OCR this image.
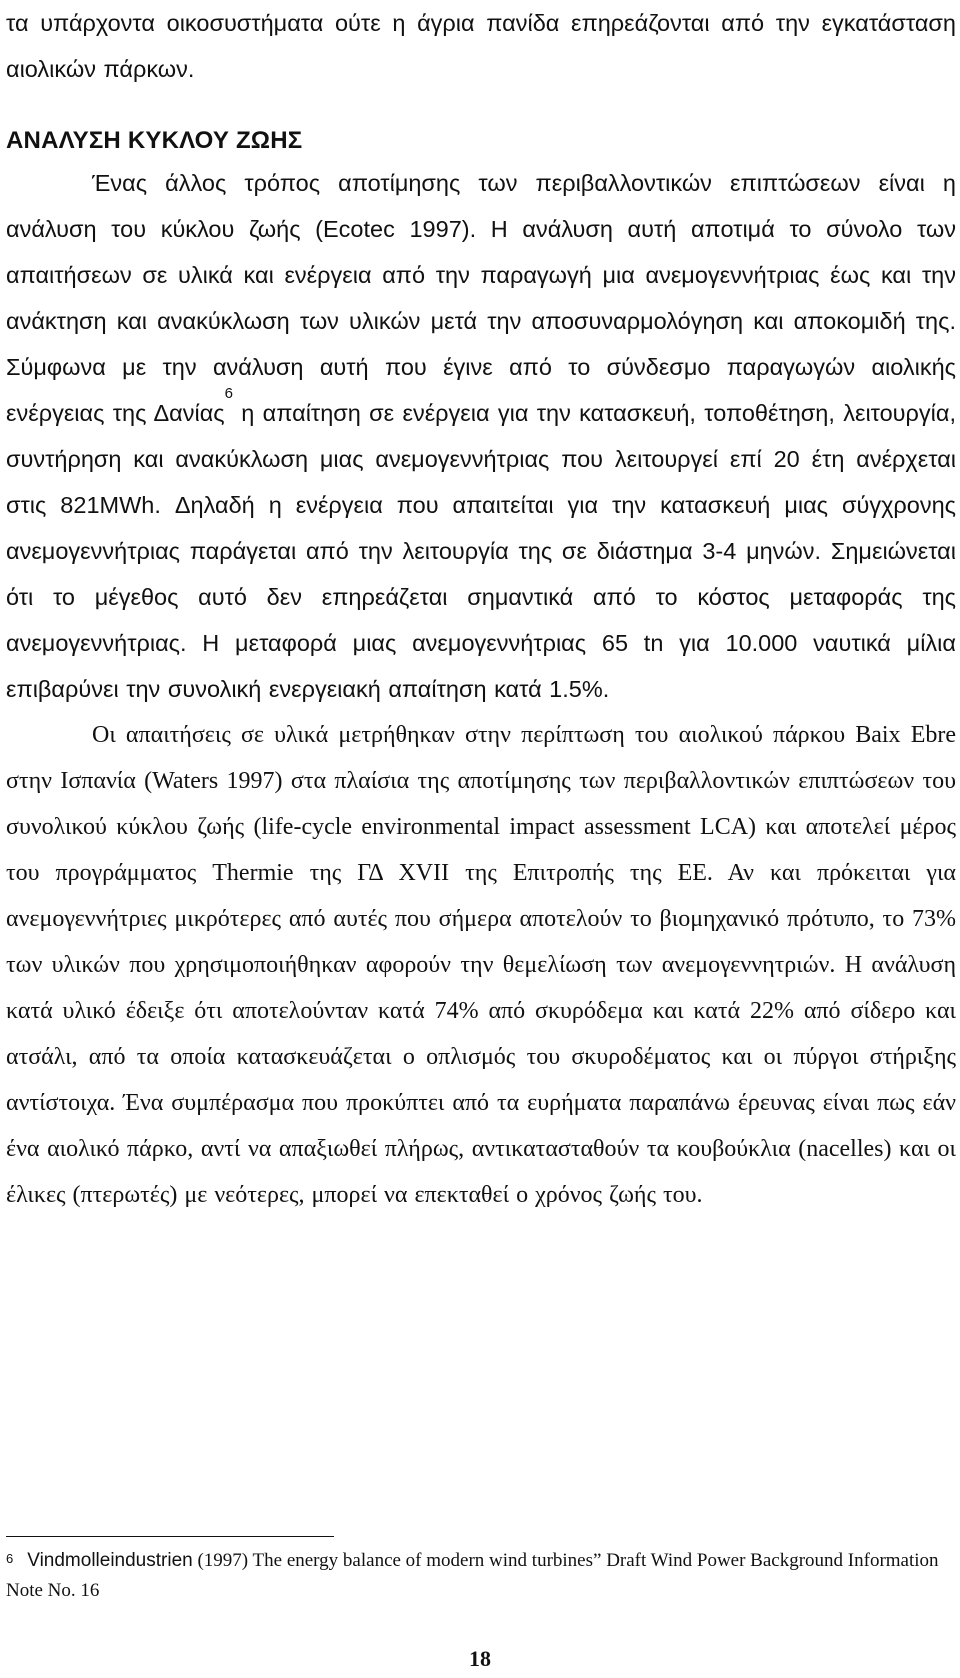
τα υπάρχοντα οικοσυστήματα ούτε η άγρια πανίδα επηρεάζονται από την εγκατάσταση αιολικών πάρκων.

ΑΝΑΛΥΣΗ ΚΥΚΛΟΥ ΖΩΗΣ

Ένας άλλος τρόπος αποτίμησης των περιβαλλοντικών επιπτώσεων είναι η ανάλυση του κύκλου ζωής (Ecotec 1997). Η ανάλυση αυτή αποτιμά το σύνολο των απαιτήσεων σε υλικά και ενέργεια από την παραγωγή μια ανεμογεννήτριας έως και την ανάκτηση και ανακύκλωση των υλικών μετά την αποσυναρμολόγηση και αποκομιδή της. Σύμφωνα με την ανάλυση αυτή που έγινε από το σύνδεσμο παραγωγών αιολικής ενέργειας της Δανίας$^6$ η απαίτηση σε ενέργεια για την κατασκευή, τοποθέτηση, λειτουργία, συντήρηση και ανακύκλωση μιας ανεμογεννήτριας που λειτουργεί επί 20 έτη ανέρχεται στις 821MWh. Δηλαδή η ενέργεια που απαιτείται για την κατασκευή μιας σύγχρονης ανεμογεννήτριας παράγεται από την λειτουργία της σε διάστημα 3-4 μηνών. Σημειώνεται ότι το μέγεθος αυτό δεν επηρεάζεται σημαντικά από το κόστος μεταφοράς της ανεμογεννήτριας. Η μεταφορά μιας ανεμογεννήτριας 65 tn για 10.000 ναυτικά μίλια επιβαρύνει την συνολική ενεργειακή απαίτηση κατά 1.5%.

Οι απαιτήσεις σε υλικά μετρήθηκαν στην περίπτωση του αιολικού πάρκου Baix Ebre στην Ισπανία (Waters 1997) στα πλαίσια της αποτίμησης των περιβαλλοντικών επιπτώσεων του συνολικού κύκλου ζωής (life-cycle environmental impact assessment LCA) και αποτελεί μέρος του προγράμματος Thermie της ΓΔ XVII της Επιτροπής της ΕΕ. Αν και πρόκειται για ανεμογεννήτριες μικρότερες από αυτές που σήμερα αποτελούν το βιομηχανικό πρότυπο, το 73% των υλικών που χρησιμοποιήθηκαν αφορούν την θεμελίωση των ανεμογεννητριών. Η ανάλυση κατά υλικό έδειξε ότι αποτελούνταν κατά 74% από σκυρόδεμα και κατά 22% από σίδερο και ατσάλι, από τα οποία κατασκευάζεται ο οπλισμός του σκυροδέματος και οι πύργοι στήριξης αντίστοιχα. Ένα συμπέρασμα που προκύπτει από τα ευρήματα παραπάνω έρευνας είναι πως εάν ένα αιολικό πάρκο, αντί να απαξιωθεί πλήρως, αντικατασταθούν τα κουβούκλια (nacelles) και οι έλικες (πτερωτές) με νεότερες, μπορεί να επεκταθεί ο χρόνος ζωής του.

$^6$ Vindmolleindustrien (1997) The energy balance of modern wind turbines” Draft Wind Power Background Information Note No. 16
18
